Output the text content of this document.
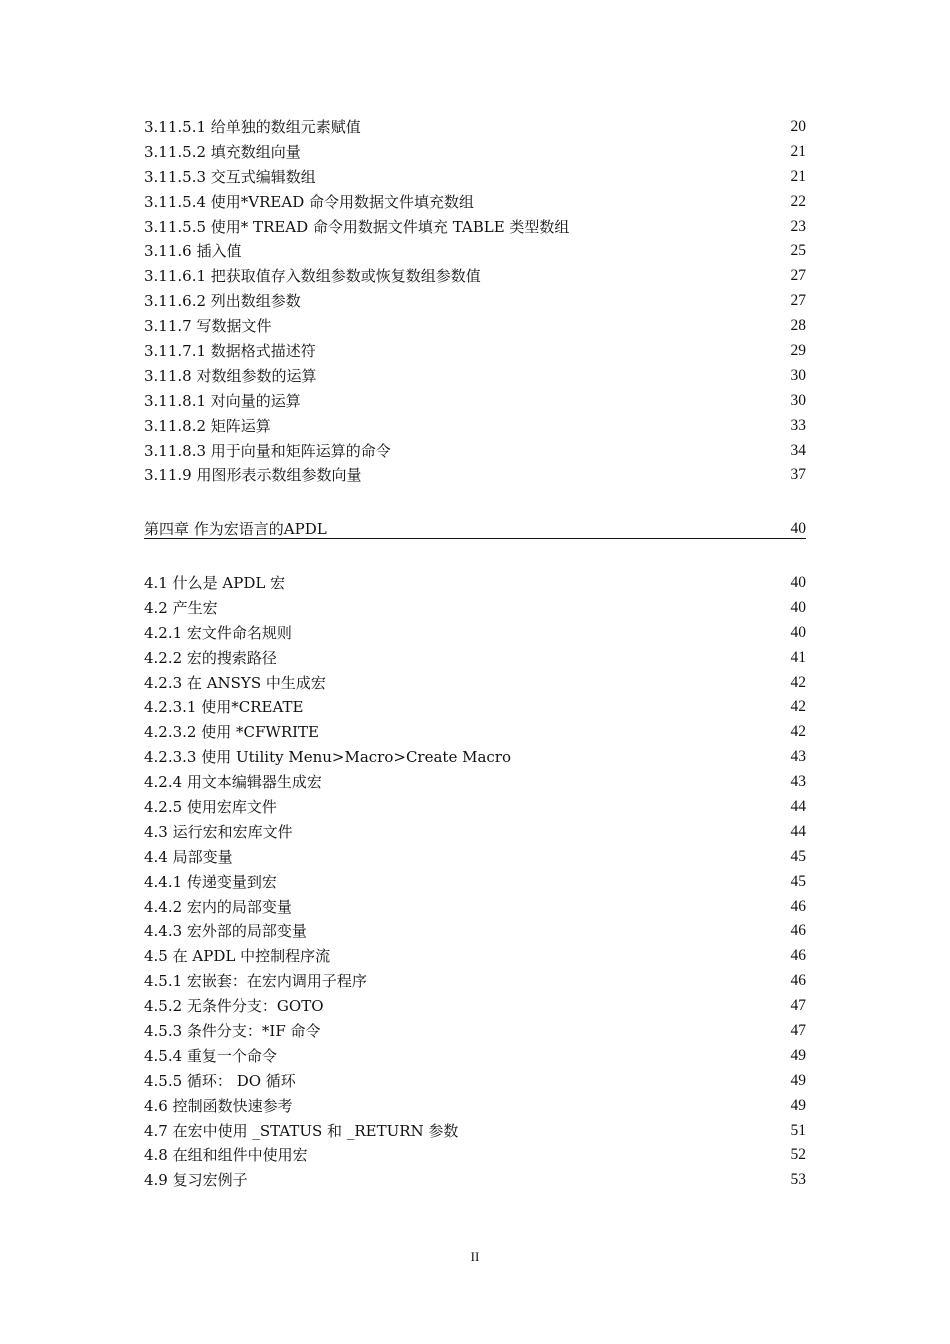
3.11.5.1 给单独的数组元素赋值	20
3.11.5.2 填充数组向量	21
3.11.5.3 交互式编辑数组	21
3.11.5.4 使用*VREAD 命令用数据文件填充数组	22
3.11.5.5 使用* TREAD 命令用数据文件填充 TABLE 类型数组	23
3.11.6 插入值	25
3.11.6.1 把获取值存入数组参数或恢复数组参数值	27
3.11.6.2 列出数组参数	27
3.11.7 写数据文件	28
3.11.7.1 数据格式描述符	29
3.11.8 对数组参数的运算	30
3.11.8.1 对向量的运算	30
3.11.8.2 矩阵运算	33
3.11.8.3 用于向量和矩阵运算的命令	34
3.11.9 用图形表示数组参数向量	37
第四章 作为宏语言的APDL	40
4.1 什么是 APDL 宏	40
4.2 产生宏	40
4.2.1 宏文件命名规则	40
4.2.2 宏的搜索路径	41
4.2.3 在 ANSYS 中生成宏	42
4.2.3.1 使用*CREATE	42
4.2.3.2 使用 *CFWRITE	42
4.2.3.3 使用 Utility Menu>Macro>Create Macro	43
4.2.4 用文本编辑器生成宏	43
4.2.5 使用宏库文件	44
4.3 运行宏和宏库文件	44
4.4 局部变量	45
4.4.1 传递变量到宏	45
4.4.2 宏内的局部变量	46
4.4.3 宏外部的局部变量	46
4.5 在 APDL 中控制程序流	46
4.5.1 宏嵌套：在宏内调用子程序	46
4.5.2 无条件分支：GOTO	47
4.5.3 条件分支：*IF 命令	47
4.5.4 重复一个命令	49
4.5.5 循环： DO 循环	49
4.6 控制函数快速参考	49
4.7 在宏中使用 _STATUS 和 _RETURN 参数	51
4.8 在组和组件中使用宏	52
4.9 复习宏例子	53
II
